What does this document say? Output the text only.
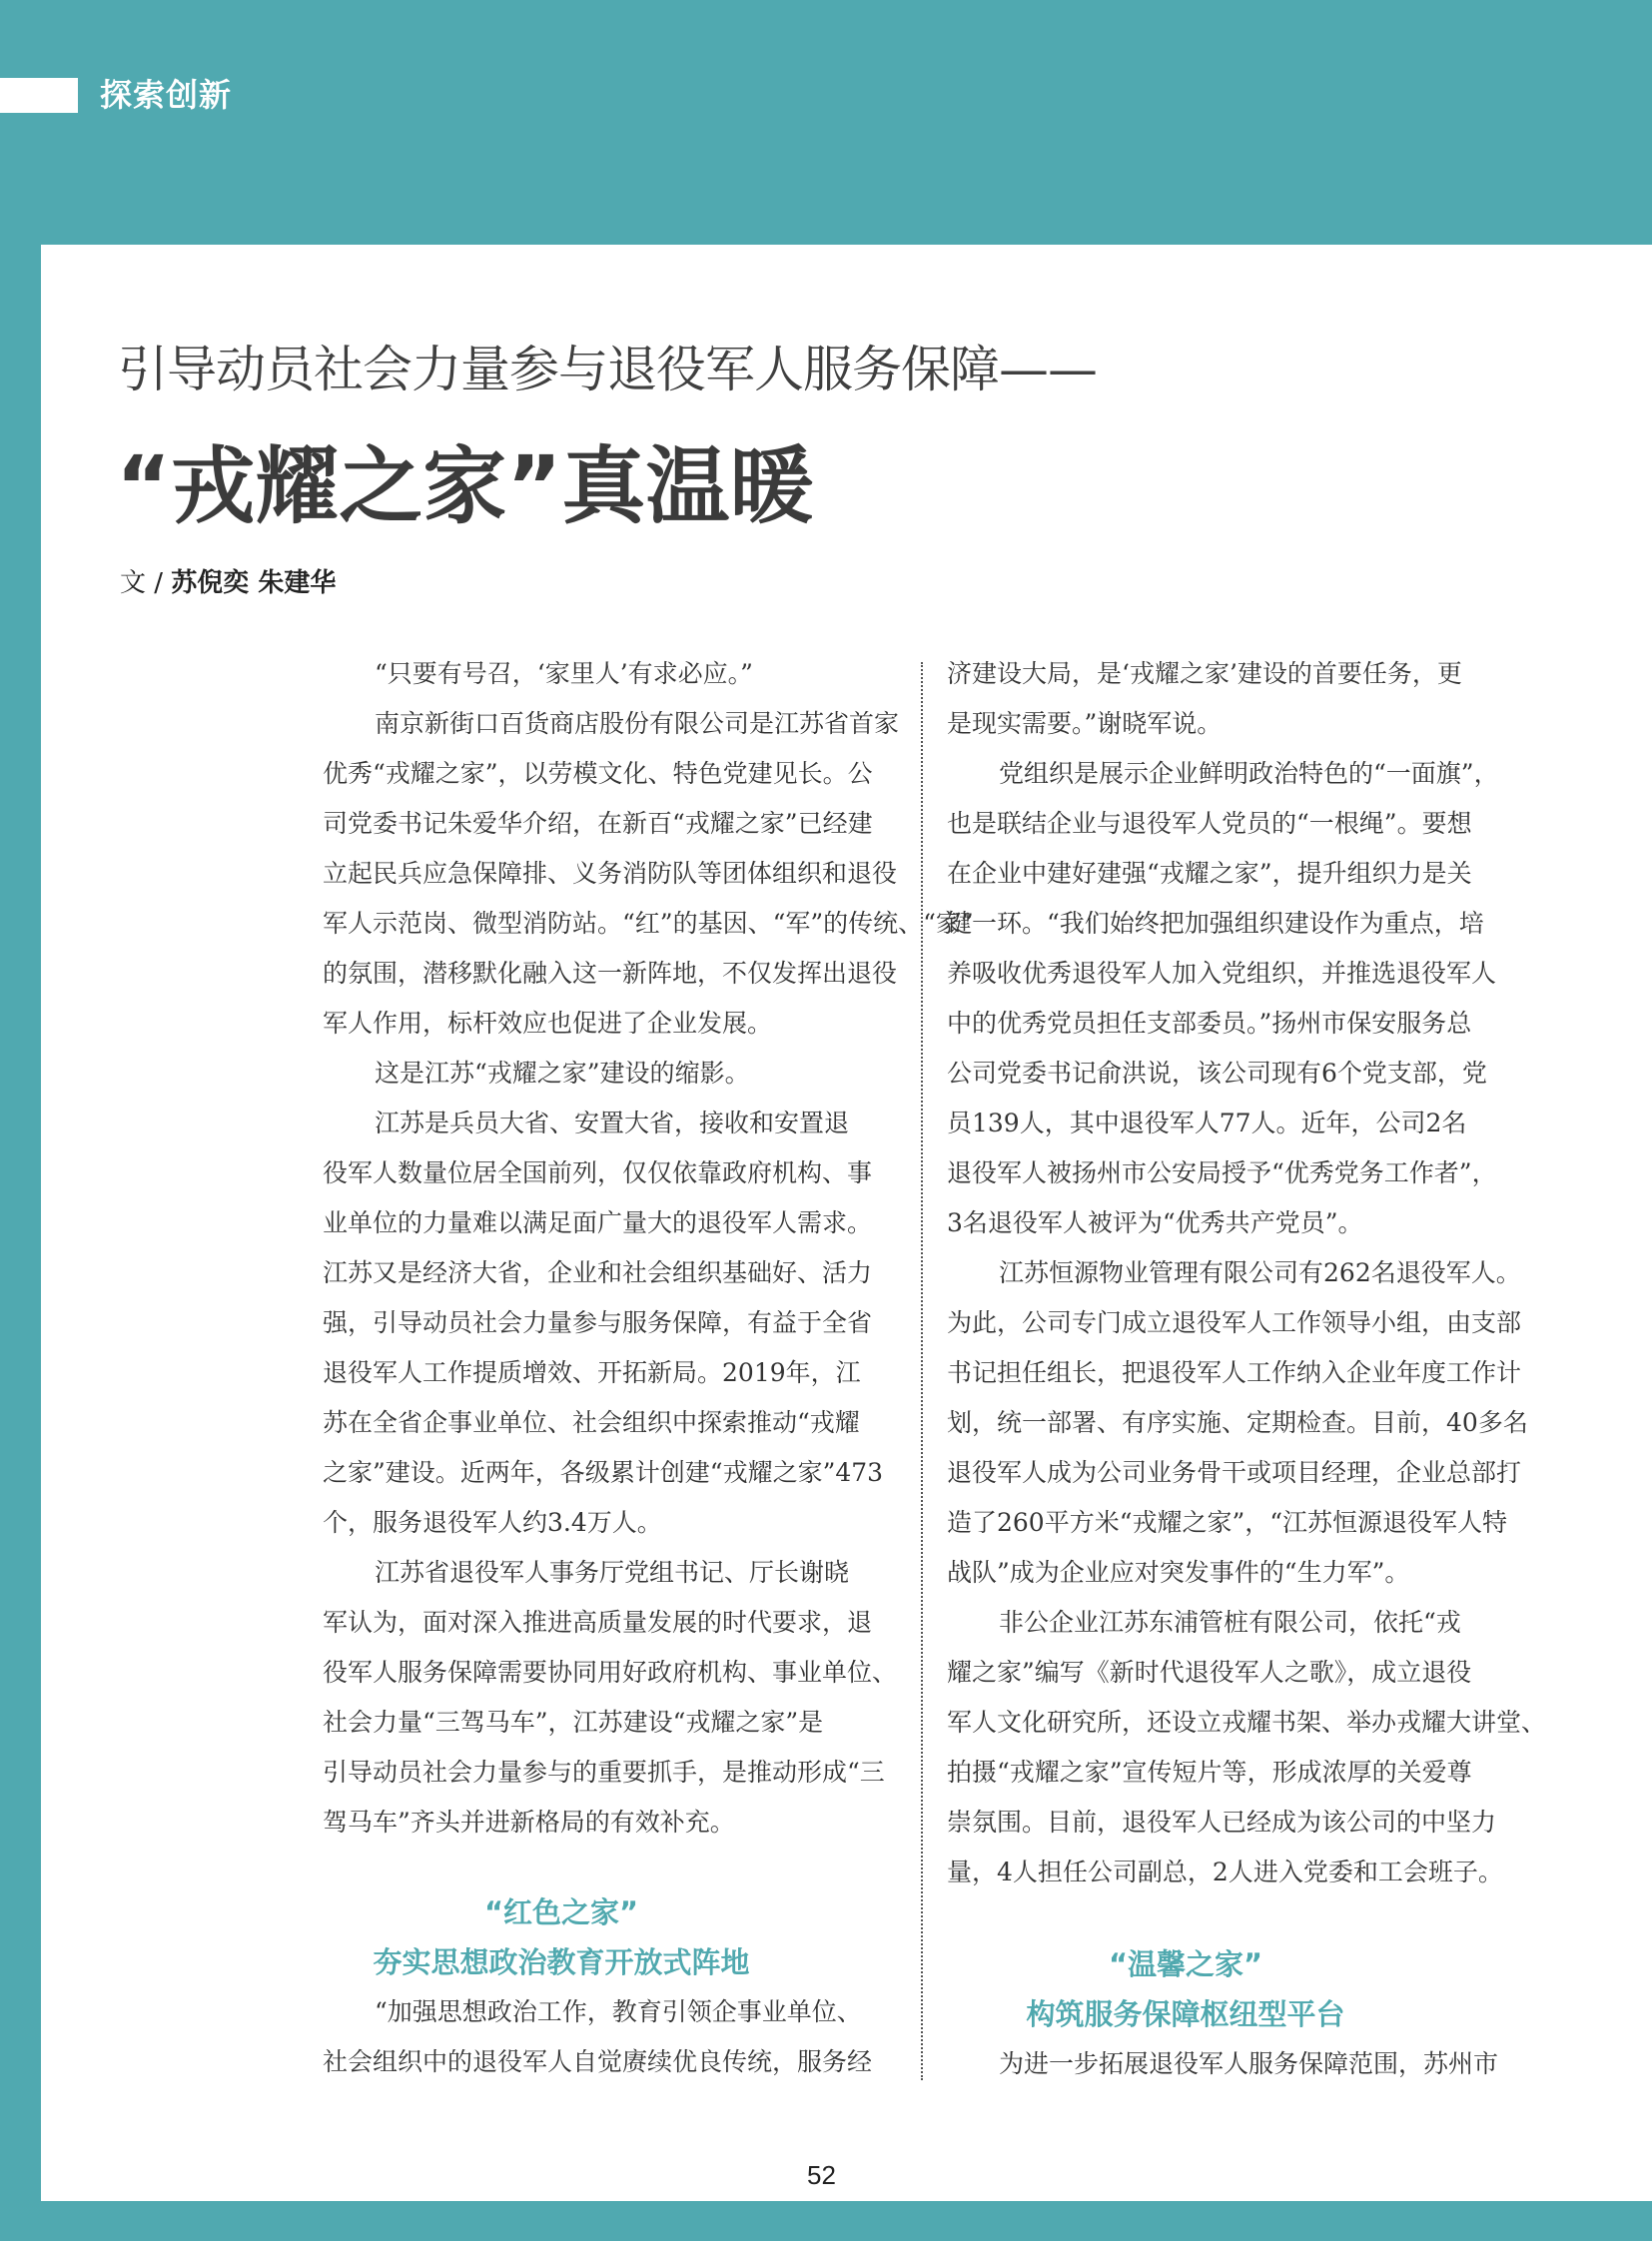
探索创新
引导动员社会力量参与退役军人服务保障——
“戎耀之家”真温暖
文 / 苏倪奕 朱建华
“只要有号召，‘家里人’有求必应。”
南京新街口百货商店股份有限公司是江苏省首家
优秀“戎耀之家”，以劳模文化、特色党建见长。公
司党委书记朱爱华介绍，在新百“戎耀之家”已经建
立起民兵应急保障排、义务消防队等团体组织和退役
军人示范岗、微型消防站。“红”的基因、“军”的传统、“家”
的氛围，潜移默化融入这一新阵地，不仅发挥出退役
军人作用，标杆效应也促进了企业发展。
这是江苏“戎耀之家”建设的缩影。
江苏是兵员大省、安置大省，接收和安置退
役军人数量位居全国前列，仅仅依靠政府机构、事
业单位的力量难以满足面广量大的退役军人需求。
江苏又是经济大省，企业和社会组织基础好、活力
强，引导动员社会力量参与服务保障，有益于全省
退役军人工作提质增效、开拓新局。2019年，江
苏在全省企事业单位、社会组织中探索推动“戎耀
之家”建设。近两年，各级累计创建“戎耀之家”473
个，服务退役军人约3.4万人。
江苏省退役军人事务厅党组书记、厅长谢晓
军认为，面对深入推进高质量发展的时代要求，退
役军人服务保障需要协同用好政府机构、事业单位、
社会力量“三驾马车”，江苏建设“戎耀之家”是
引导动员社会力量参与的重要抓手，是推动形成“三
驾马车”齐头并进新格局的有效补充。
“红色之家”
夯实思想政治教育开放式阵地
“加强思想政治工作，教育引领企事业单位、
社会组织中的退役军人自觉赓续优良传统，服务经
济建设大局，是‘戎耀之家’建设的首要任务，更
是现实需要。”谢晓军说。
党组织是展示企业鲜明政治特色的“一面旗”，
也是联结企业与退役军人党员的“一根绳”。要想
在企业中建好建强“戎耀之家”，提升组织力是关
键一环。“我们始终把加强组织建设作为重点，培
养吸收优秀退役军人加入党组织，并推选退役军人
中的优秀党员担任支部委员。”扬州市保安服务总
公司党委书记俞洪说，该公司现有6个党支部，党
员139人，其中退役军人77人。近年，公司2名
退役军人被扬州市公安局授予“优秀党务工作者”，
3名退役军人被评为“优秀共产党员”。
江苏恒源物业管理有限公司有262名退役军人。
为此，公司专门成立退役军人工作领导小组，由支部
书记担任组长，把退役军人工作纳入企业年度工作计
划，统一部署、有序实施、定期检查。目前，40多名
退役军人成为公司业务骨干或项目经理，企业总部打
造了260平方米“戎耀之家”，“江苏恒源退役军人特
战队”成为企业应对突发事件的“生力军”。
非公企业江苏东浦管桩有限公司，依托“戎
耀之家”编写《新时代退役军人之歌》，成立退役
军人文化研究所，还设立戎耀书架、举办戎耀大讲堂、
拍摄“戎耀之家”宣传短片等，形成浓厚的关爱尊
崇氛围。目前，退役军人已经成为该公司的中坚力
量，4人担任公司副总，2人进入党委和工会班子。
“温馨之家”
构筑服务保障枢纽型平台
为进一步拓展退役军人服务保障范围，苏州市
52
